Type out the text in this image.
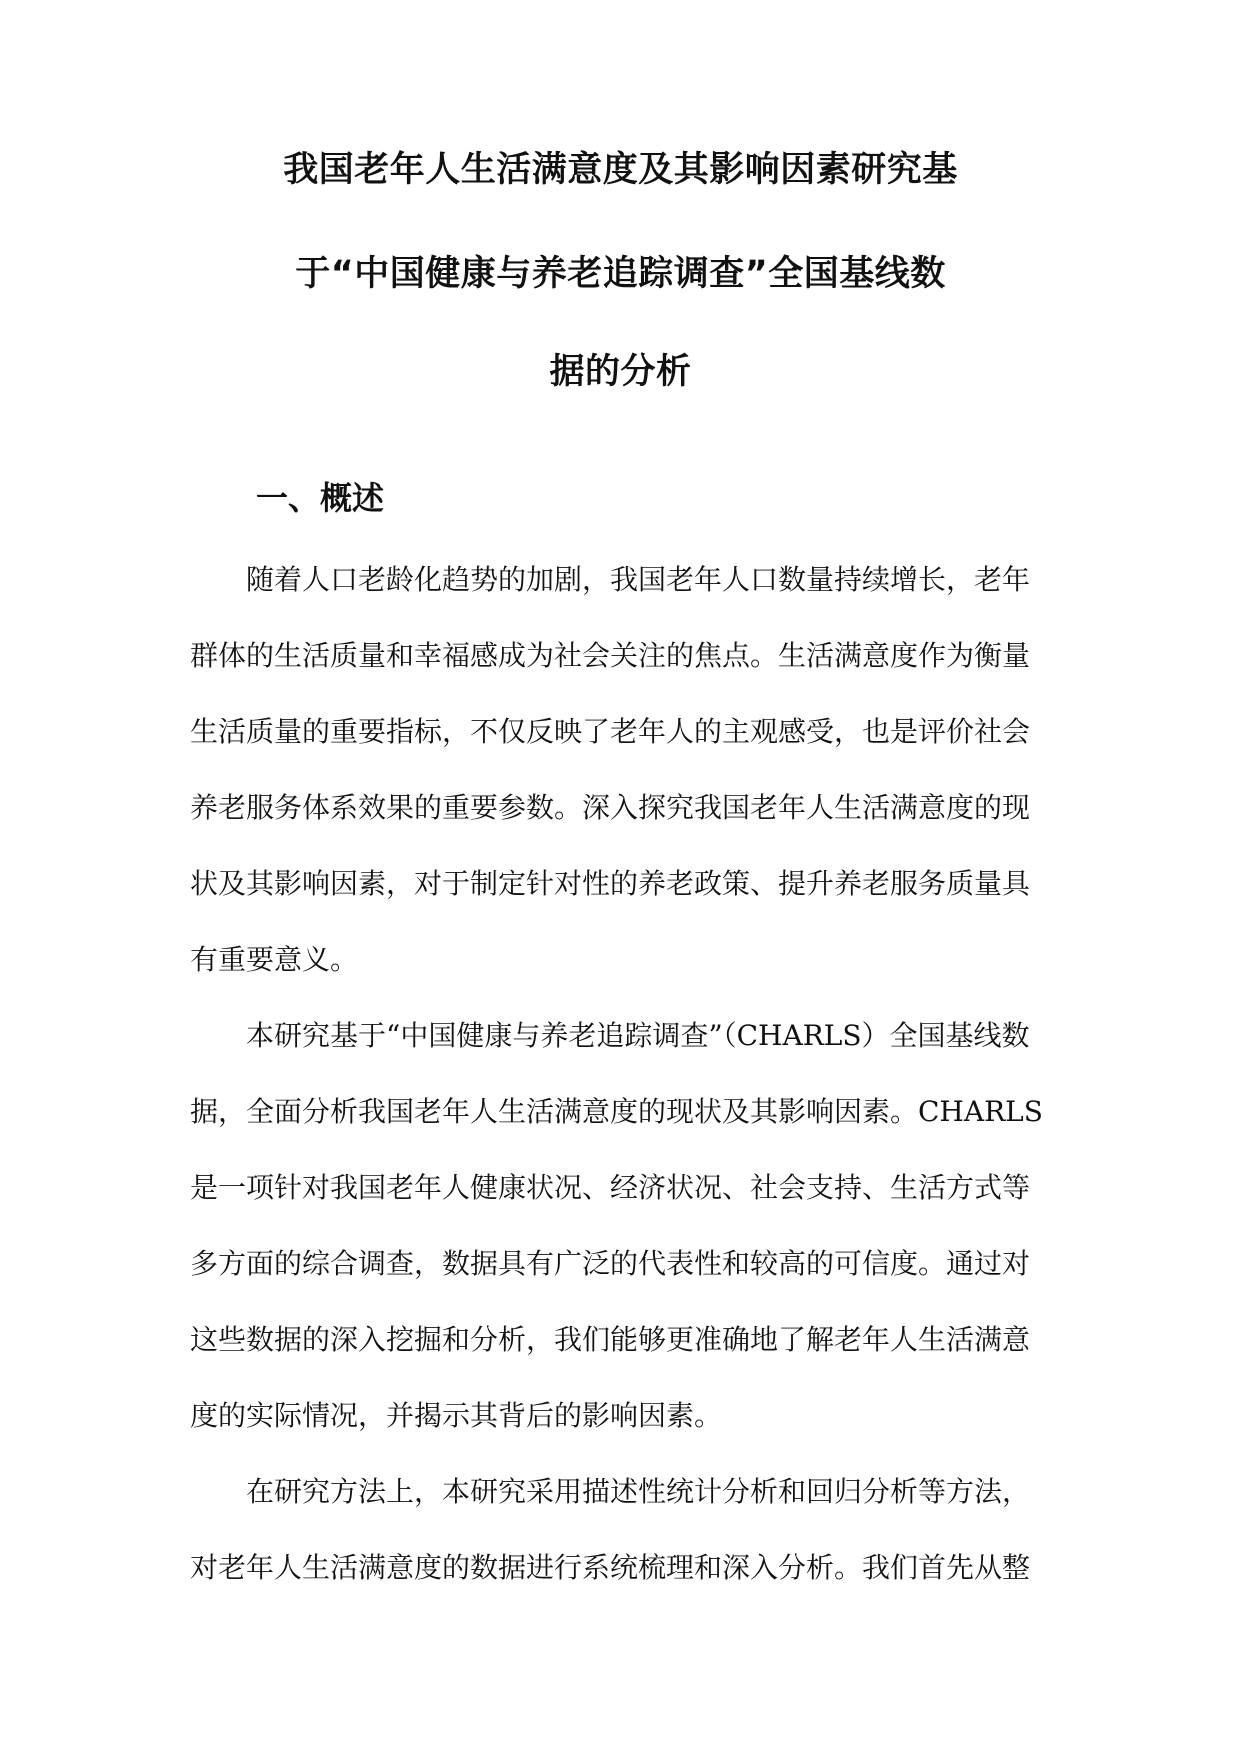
我国老年人生活满意度及其影响因素研究基
于“中国健康与养老追踪调查”全国基线数
据的分析
一、概述
随着人口老龄化趋势的加剧，我国老年人口数量持续增长，老年
群体的生活质量和幸福感成为社会关注的焦点。生活满意度作为衡量
生活质量的重要指标，不仅反映了老年人的主观感受，也是评价社会
养老服务体系效果的重要参数。深入探究我国老年人生活满意度的现
状及其影响因素，对于制定针对性的养老政策、提升养老服务质量具
有重要意义。
本研究基于“中国健康与养老追踪调查”（CHARLS）全国基线数
据，全面分析我国老年人生活满意度的现状及其影响因素。CHARLS
是一项针对我国老年人健康状况、经济状况、社会支持、生活方式等
多方面的综合调查，数据具有广泛的代表性和较高的可信度。通过对
这些数据的深入挖掘和分析，我们能够更准确地了解老年人生活满意
度的实际情况，并揭示其背后的影响因素。
在研究方法上，本研究采用描述性统计分析和回归分析等方法，
对老年人生活满意度的数据进行系统梳理和深入分析。我们首先从整
